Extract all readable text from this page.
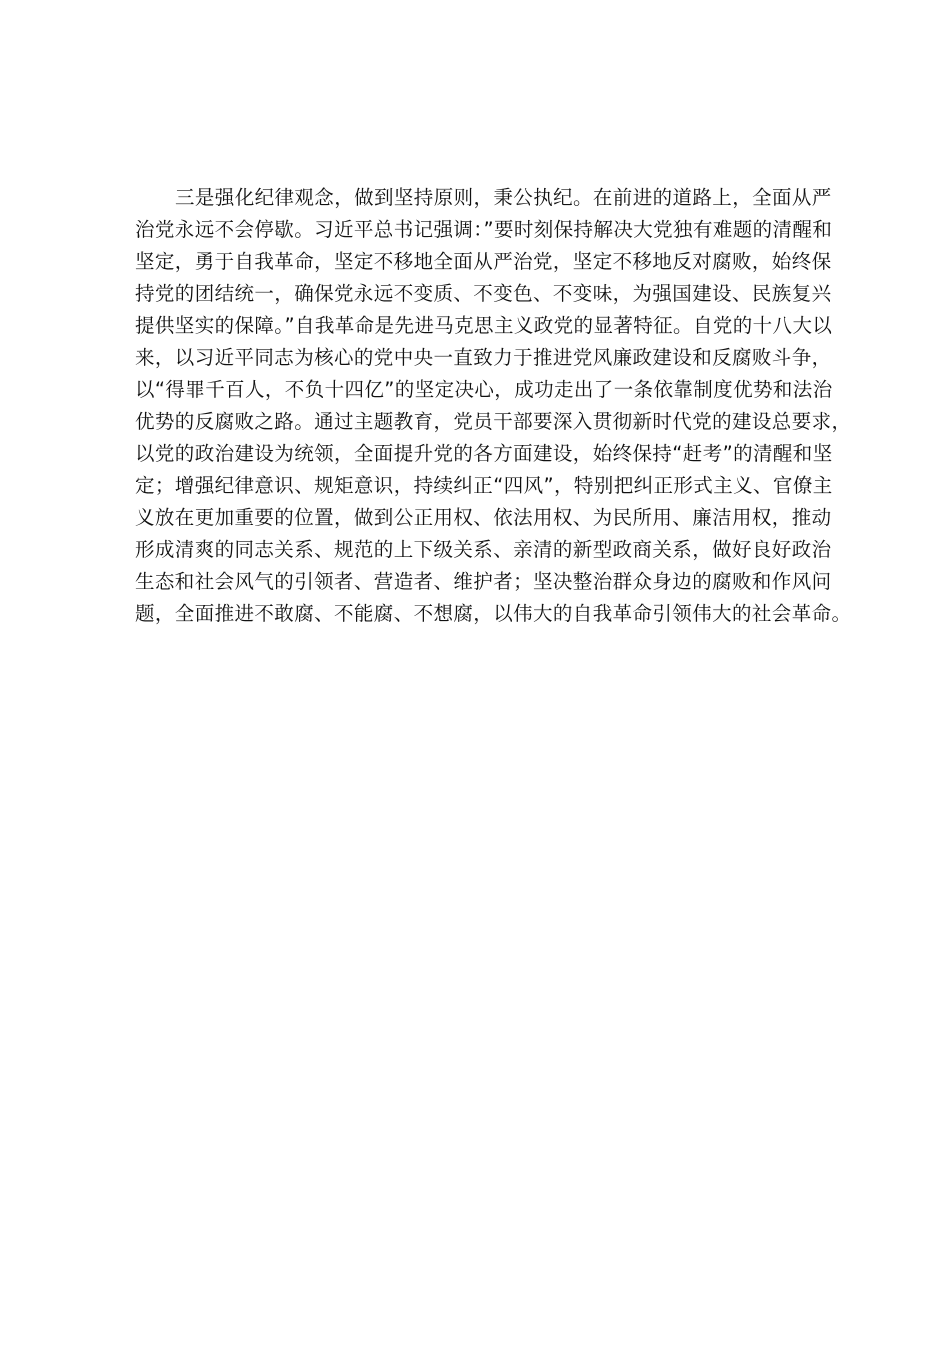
三是强化纪律观念，做到坚持原则，秉公执纪。在前进的道路上，全面从严
治党永远不会停歇。习近平总书记强调：”要时刻保持解决大党独有难题的清醒和
坚定，勇于自我革命，坚定不移地全面从严治党，坚定不移地反对腐败，始终保
持党的团结统一，确保党永远不变质、不变色、不变味，为强国建设、民族复兴
提供坚实的保障。”自我革命是先进马克思主义政党的显著特征。自党的十八大以
来，以习近平同志为核心的党中央一直致力于推进党风廉政建设和反腐败斗争，
以“得罪千百人，不负十四亿”的坚定决心，成功走出了一条依靠制度优势和法治
优势的反腐败之路。通过主题教育，党员干部要深入贯彻新时代党的建设总要求，
以党的政治建设为统领，全面提升党的各方面建设，始终保持“赶考”的清醒和坚
定；增强纪律意识、规矩意识，持续纠正“四风”，特别把纠正形式主义、官僚主
义放在更加重要的位置，做到公正用权、依法用权、为民所用、廉洁用权，推动
形成清爽的同志关系、规范的上下级关系、亲清的新型政商关系，做好良好政治
生态和社会风气的引领者、营造者、维护者；坚决整治群众身边的腐败和作风问
题，全面推进不敢腐、不能腐、不想腐，以伟大的自我革命引领伟大的社会革命。
